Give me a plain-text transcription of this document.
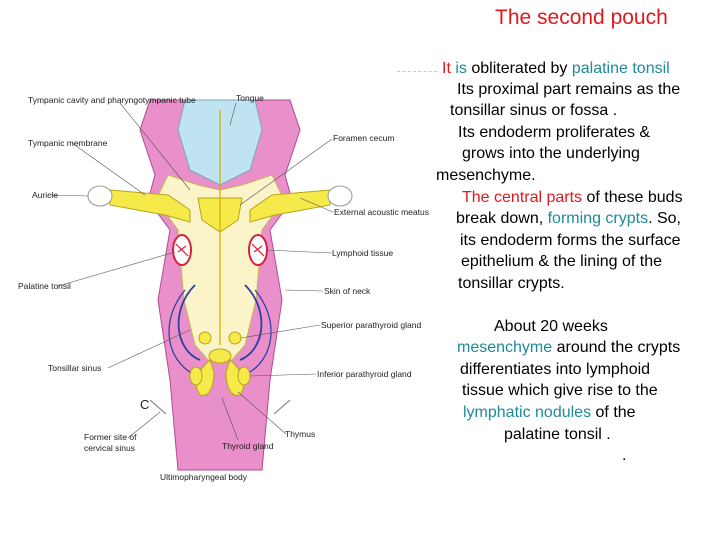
The second pouch
It is obliterated by palatine tonsil
Its proximal part remains as the
tonsillar sinus or fossa .
Its endoderm proliferates &
grows into the underlying
mesenchyme.
The central parts of these buds
break down, forming crypts. So,
its endoderm forms the surface
epithelium & the lining of the
tonsillar crypts.
About 20 weeks
mesenchyme around the crypts
differentiates into lymphoid
tissue which give rise to the
lymphatic nodules of the
palatine tonsil .
.
Tympanic cavity and pharyngotympanic tube	Tongue
Tympanic membrane	Foramen cecum
Auricle
External acoustic meatus
Lymphoid tissue
Palatine tonsil	Skin of neck
Superior parathyroid gland
Tonsillar sinus
Inferior parathyroid gland
C
Former site of
cervical sinus	Thyroid gland
Thymus
Ultimopharyngeal body
